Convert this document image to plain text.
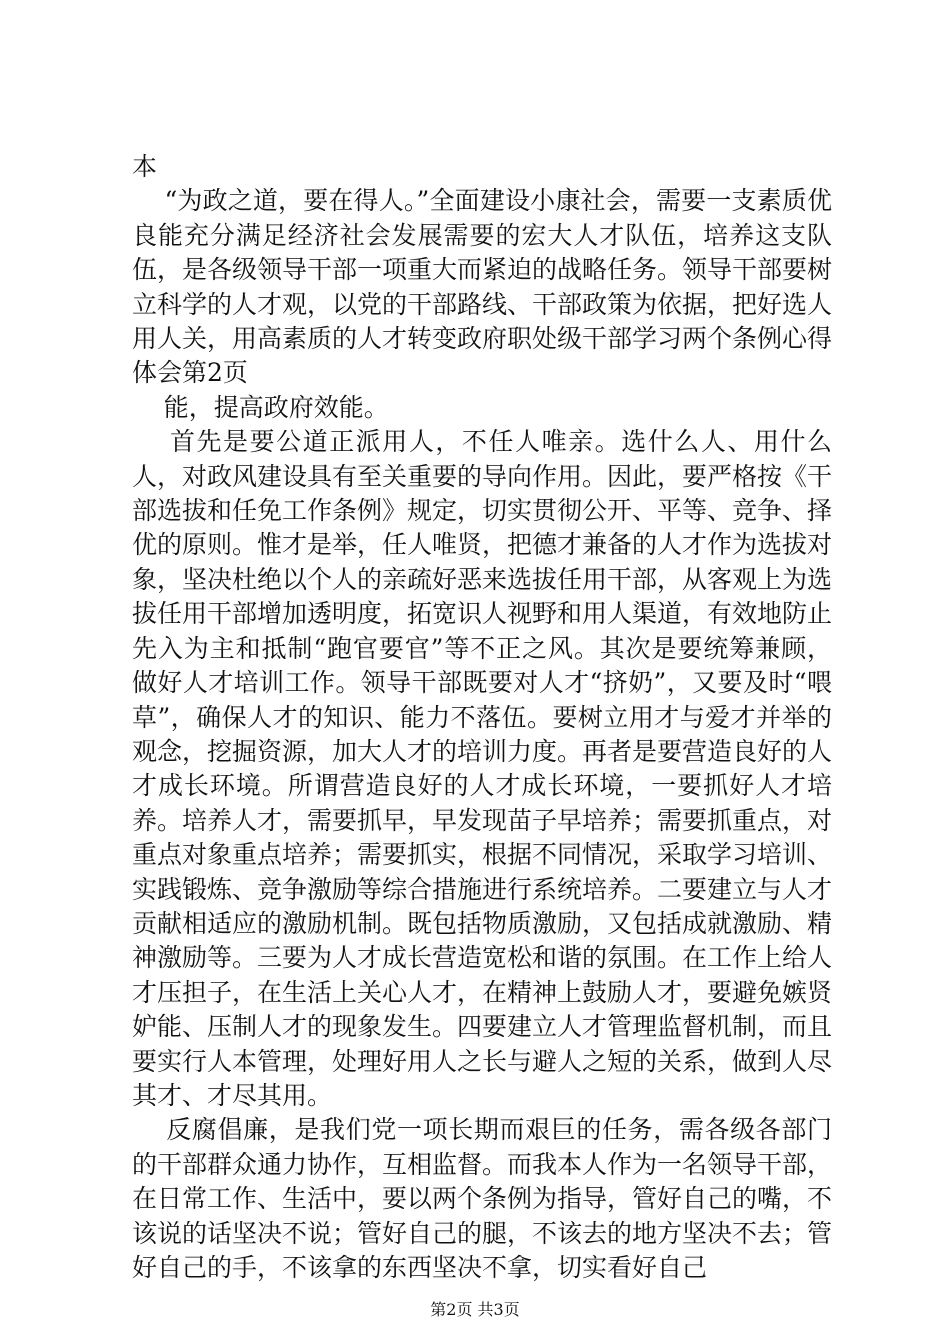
本

“为政之道，要在得人。”全面建设小康社会，需要一支素质优良能充分满足经济社会发展需要的宏大人才队伍，培养这支队伍，是各级领导干部一项重大而紧迫的战略任务。领导干部要树立科学的人才观，以党的干部路线、干部政策为依据，把好选人用人关，用高素质的人才转变政府职处级干部学习两个条例心得体会第2页

能，提高政府效能。

首先是要公道正派用人，不任人唯亲。选什么人、用什么人，对政风建设具有至关重要的导向作用。因此，要严格按《干部选拔和任免工作条例》规定，切实贯彻公开、平等、竞争、择优的原则。惟才是举，任人唯贤，把德才兼备的人才作为选拔对象，坚决杜绝以个人的亲疏好恶来选拔任用干部，从客观上为选拔任用干部增加透明度，拓宽识人视野和用人渠道，有效地防止先入为主和抵制“跑官要官”等不正之风。其次是要统筹兼顾，做好人才培训工作。领导干部既要对人才“挤奶”，又要及时“喂草”，确保人才的知识、能力不落伍。要树立用才与爱才并举的观念，挖掘资源，加大人才的培训力度。再者是要营造良好的人才成长环境。所谓营造良好的人才成长环境，一要抓好人才培养。培养人才，需要抓早，早发现苗子早培养；需要抓重点，对重点对象重点培养；需要抓实，根据不同情况，采取学习培训、实践锻炼、竞争激励等综合措施进行系统培养。二要建立与人才贡献相适应的激励机制。既包括物质激励，又包括成就激励、精神激励等。三要为人才成长营造宽松和谐的氛围。在工作上给人才压担子，在生活上关心人才，在精神上鼓励人才，要避免嫉贤妒能、压制人才的现象发生。四要建立人才管理监督机制，而且要实行人本管理，处理好用人之长与避人之短的关系，做到人尽其才、才尽其用。

反腐倡廉，是我们党一项长期而艰巨的任务，需各级各部门的干部群众通力协作，互相监督。而我本人作为一名领导干部，在日常工作、生活中，要以两个条例为指导，管好自己的嘴，不该说的话坚决不说；管好自己的腿，不该去的地方坚决不去；管好自己的手，不该拿的东西坚决不拿，切实看好自己

第2页 共3页
